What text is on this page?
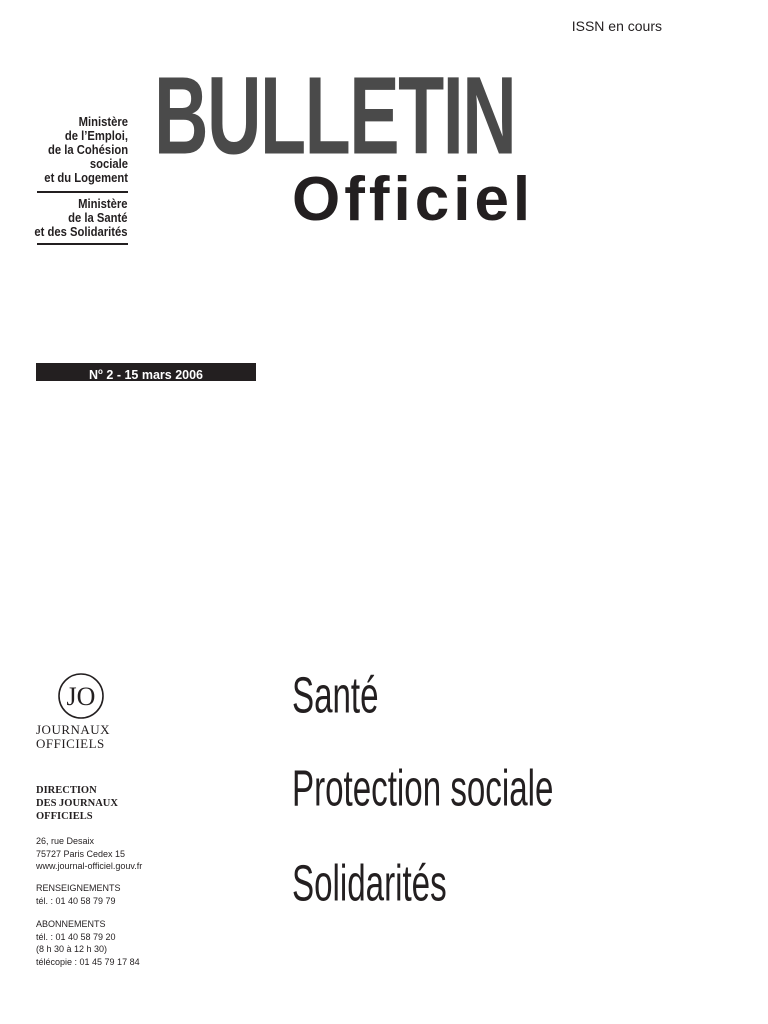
ISSN en cours
BULLETIN
Officiel
Ministère
de l’Emploi,
de la Cohésion
sociale
et du Logement
Ministère
de la Santé
et des Solidarités
$N^o$ 2 - 15 mars 2006
JO
JOURNAUX
OFFICIELS
DIRECTION
DES JOURNAUX
OFFICIELS
26, rue Desaix
75727 Paris Cedex 15
www.journal-officiel.gouv.fr
RENSEIGNEMENTS
tél. : 01 40 58 79 79
ABONNEMENTS
tél. : 01 40 58 79 20
(8 h 30 à 12 h 30)
télécopie : 01 45 79 17 84
Santé
Protection sociale
Solidarités
